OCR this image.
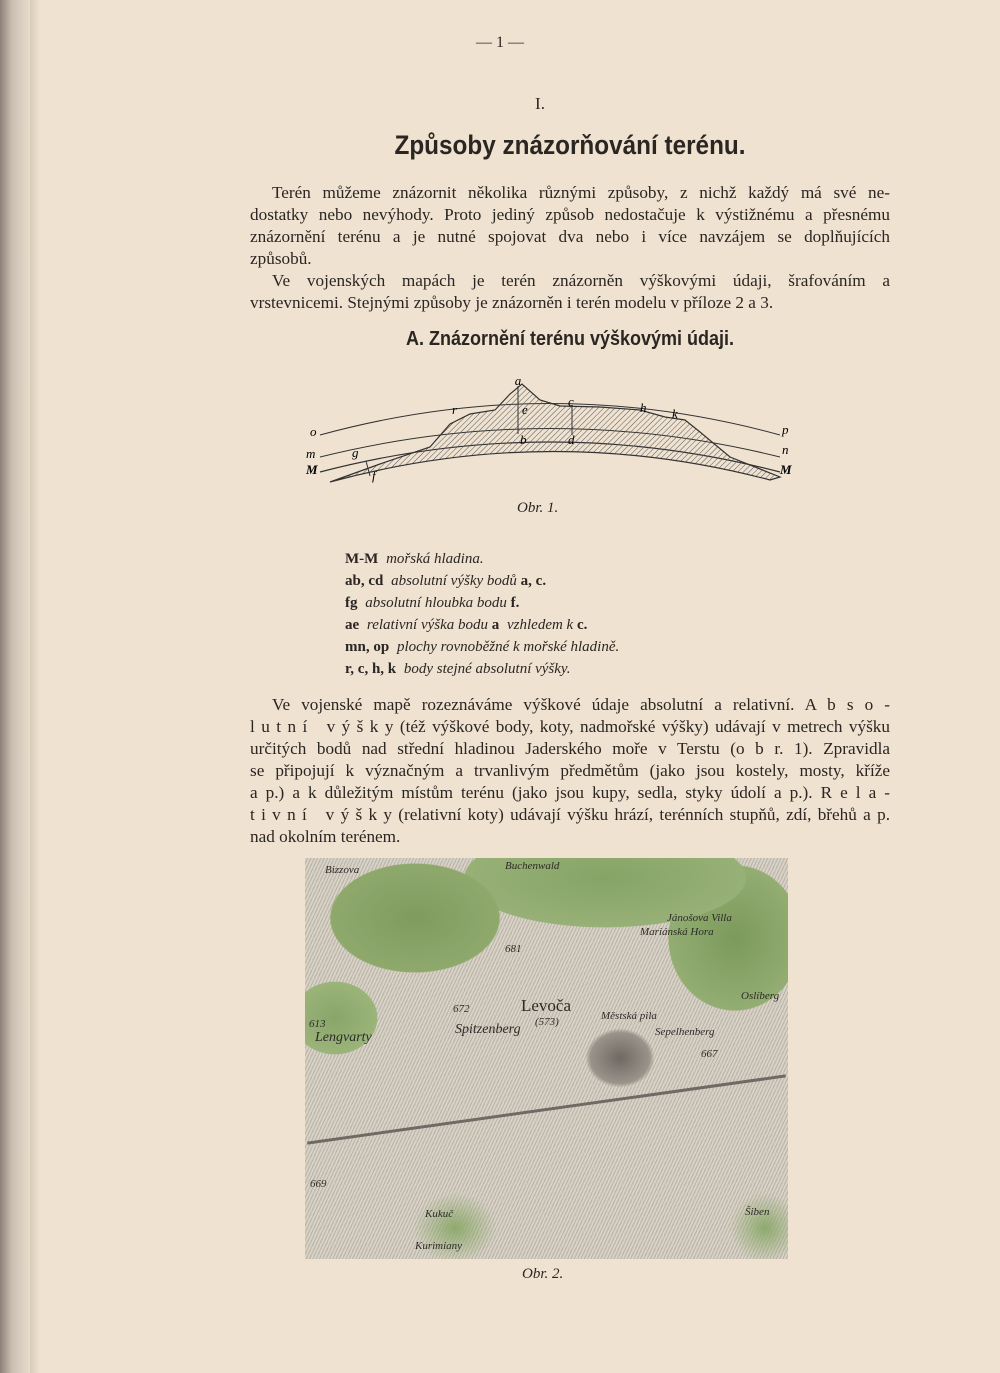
— 1 —
I.
Způsoby znázorňování terénu.
Terén můžeme znázornit několika různými způsoby, z nichž každý má své ne-
dostatky nebo nevýhody. Proto jediný způsob nedostačuje k výstižnému a přesnému
znázornění terénu a je nutné spojovat dva nebo i více navzájem se doplňujících
způsobů.
Ve vojenských mapách je terén znázorněn výškovými údaji, šrafováním a
vrstevnicemi. Stejnými způsoby je znázorněn i terén modelu v příloze 2 a 3.
A. Znázornění terénu výškovými údaji.
a
c
r	h k
e
b	d
o
m
M
g
f
p
n
M
Obr. 1.
M-M mořská hladina.
ab, cd absolutní výšky bodů a, c.
fg absolutní hloubka bodu f.
ae relativní výška bodu a vzhledem k c.
mn, op plochy rovnoběžné k mořské hladině.
r, c, h, k body stejné absolutní výšky.
Ve vojenské mapě rozeznáváme výškové údaje absolutní a relativní. A b s o -
l u t n í   v ý š k y (též výškové body, koty, nadmořské výšky) udávají v metrech výšku
určitých bodů nad střední hladinou Jaderského moře v Terstu (o b r. 1). Zpravidla
se připojují k význačným a trvanlivým předmětům (jako jsou kostely, mosty, kříže
a p.) a k důležitým místům terénu (jako jsou kupy, sedla, styky údolí a p.). R e l a -
t i v n í   v ý š k y (relativní koty) udávají výšku hrází, terénních stupňů, zdí, břehů a p.
nad okolním terénem.
Bizzova	Buchenwald
Jánošova Villa
Mariánská Hora
Oslíberg
Levoča
(573)	Městská pila
Spitzenberg
Lengvarty	Sepelhenberg
Kukuč
Kurimiany
Šiben
669
681
672
613
667
Obr. 2.
